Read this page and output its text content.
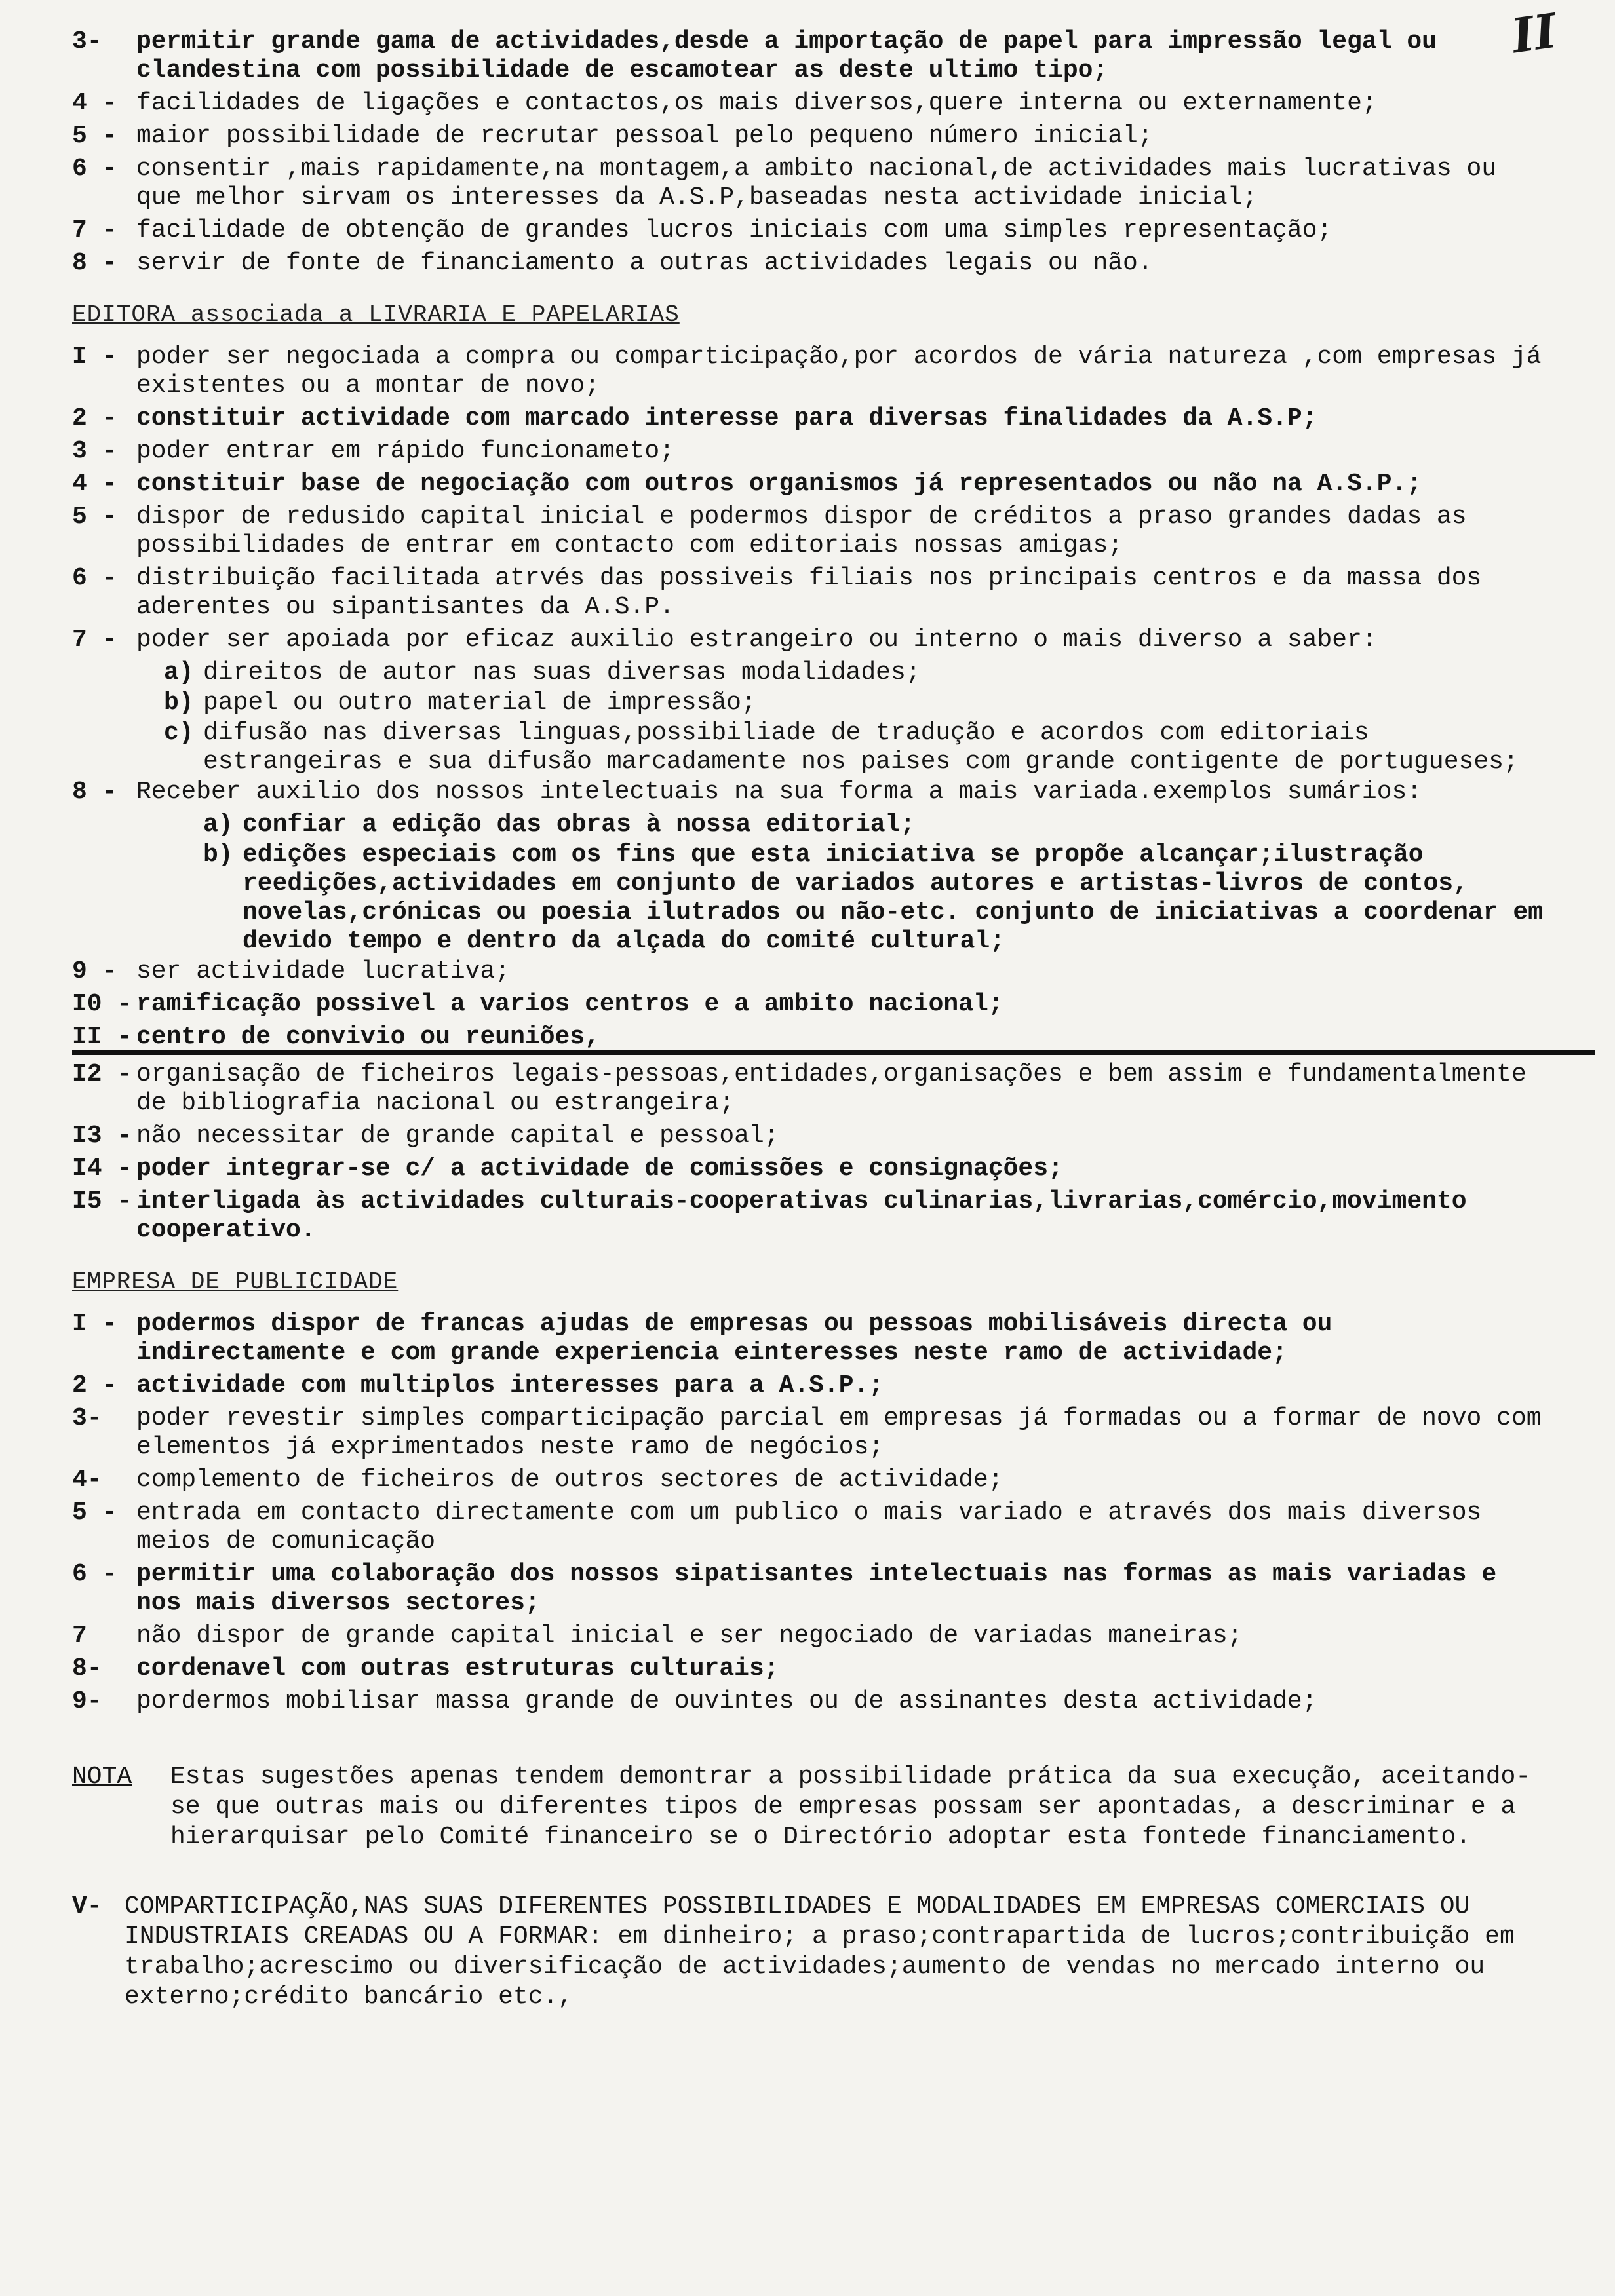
II
3-	permitir grande gama de actividades,desde a importação de papel para impressão legal ou clandestina com possibilidade de escamotear as deste ultimo tipo;
4 - facilidades de ligações e contactos,os mais diversos,quere interna ou externamente;
5 - maior possibilidade de recrutar pessoal pelo pequeno número inicial;
6 - consentir ,mais rapidamente,na montagem,a ambito nacional,de actividades mais lucrativas ou que melhor sirvam os interesses da A.S.P,baseadas nesta actividade inicial;
7 - facilidade de obtenção de grandes lucros iniciais com uma simples representação;
8 - servir de fonte de financiamento a outras actividades legais ou não.
EDITORA associada a LIVRARIA E PAPELARIAS
I - poder ser negociada a compra ou comparticipação,por acordos de vária natureza ,com empresas já existentes ou a montar de novo;
2 - constituir actividade com marcado interesse para diversas finalidades da A.S.P;
3 - poder entrar em rápido funcionameto;
4 - constituir base de negociação com outros organismos já representados ou não na A.S.P.;
5 - dispor de redusido capital inicial e podermos dispor de créditos a praso grandes dadas as possibilidades de entrar em contacto com editoriais nossas amigas;
6 - distribuição facilitada atrvés das possiveis filiais nos principais centros e da massa dos aderentes ou sipantisantes da A.S.P.
7 - poder ser apoiada por eficaz auxilio estrangeiro ou interno o mais diverso a saber:
a) direitos de autor nas suas diversas modalidades;
b) papel ou outro material de impressão;
c) difusão nas diversas linguas,possibiliade de tradução e acordos com editoriais estrangeiras e sua difusão marcadamente nos paises com grande contigente de portugueses;
8 - Receber auxilio dos nossos intelectuais na sua forma a mais variada.exemplos sumários:
a) confiar a edição das obras à nossa editorial;
b) edições especiais com os fins que esta iniciativa se propõe alcançar;ilustração reedições,actividades em conjunto de variados autores e artistas-livros de contos, novelas,crónicas ou poesia ilutrados ou não-etc. conjunto de iniciativas a coordenar em devido tempo e dentro da alçada do comité cultural;
9 - ser actividade lucrativa;
I0 - ramificação possivel a varios centros e a ambito nacional;
II - centro de convivio ou reuniões,
I2 - organisação de ficheiros legais-pessoas,entidades,organisações e bem assim e fundamentalmente de bibliografia nacional ou estrangeira;
I3 - não necessitar de grande capital e pessoal;
I4 - poder integrar-se c/ a actividade de comissões e consignações;
I5 - interligada às actividades culturais-cooperativas culinarias,livrarias,comércio,movimento cooperativo.
EMPRESA DE PUBLICIDADE
I - podermos dispor de francas ajudas de empresas ou pessoas mobilisáveis directa ou indirectamente e com grande experiencia einteresses neste ramo de actividade;
2 - actividade com multiplos interesses para a A.S.P.;
3-	poder revestir simples comparticipação parcial em empresas já formadas ou a formar de novo com elementos já exprimentados neste ramo de negócios;
4-	complemento de ficheiros de outros sectores de actividade;
5 - entrada em contacto directamente com um publico o mais variado e através dos mais diversos meios de comunicação
6 - permitir uma colaboração dos nossos sipatisantes intelectuais nas formas as mais variadas e nos mais diversos sectores;
7	não dispor de grande capital inicial e ser negociado de variadas maneiras;
8-	cordenavel com outras estruturas culturais;
9-	pordermos mobilisar massa grande de ouvintes ou de assinantes desta actividade;
NOTA	Estas sugestões apenas tendem demontrar a possibilidade prática da sua execução, aceitando-se que outras mais ou diferentes tipos de empresas possam ser apontadas, a descriminar e a hierarquisar pelo Comité financeiro se o Directório adoptar esta fontede financiamento.
V- COMPARTICIPAÇÃO,NAS SUAS DIFERENTES POSSIBILIDADES E MODALIDADES EM EMPRESAS COMERCIAIS OU INDUSTRIAIS CREADAS OU A FORMAR: em dinheiro; a praso;contrapartida de lucros;contribuição em trabalho;acrescimo ou diversificação de actividades;aumento de vendas no mercado interno ou externo;crédito bancário etc.,
